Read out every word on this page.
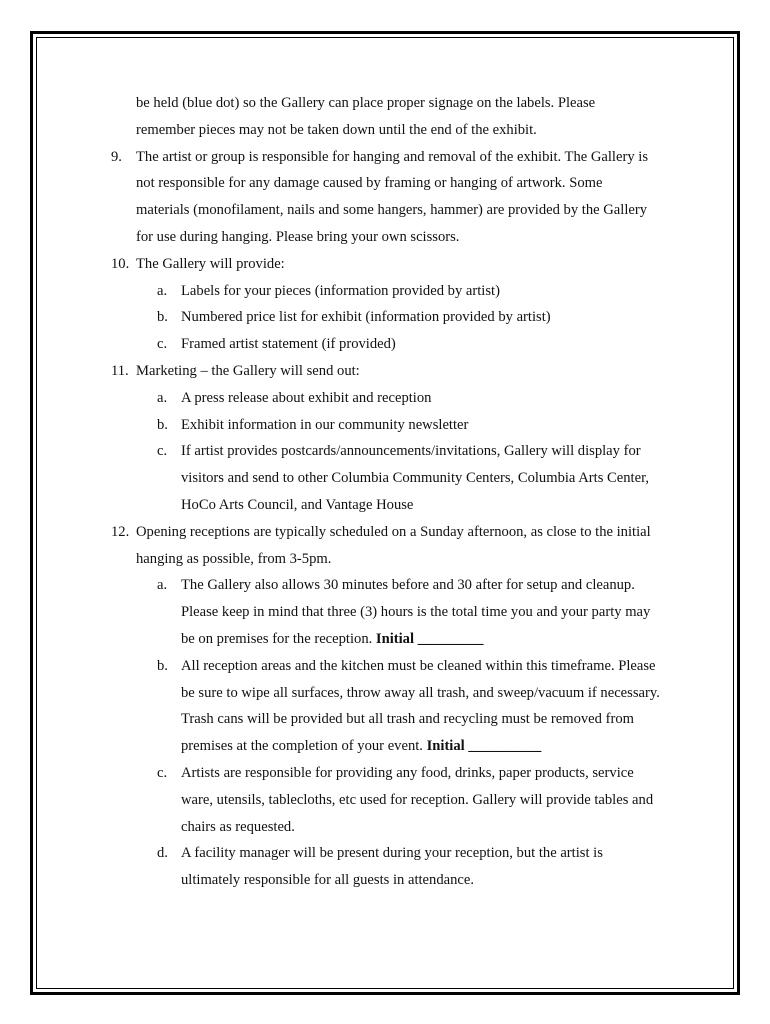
be held (blue dot) so the Gallery can place proper signage on the labels. Please
remember pieces may not be taken down until the end of the exhibit.
9. The artist or group is responsible for hanging and removal of the exhibit. The Gallery is
not responsible for any damage caused by framing or hanging of artwork. Some
materials (monofilament, nails and some hangers, hammer) are provided by the Gallery
for use during hanging. Please bring your own scissors.
10. The Gallery will provide:
a. Labels for your pieces (information provided by artist)
b. Numbered price list for exhibit (information provided by artist)
c. Framed artist statement (if provided)
11. Marketing – the Gallery will send out:
a. A press release about exhibit and reception
b. Exhibit information in our community newsletter
c. If artist provides postcards/announcements/invitations, Gallery will display for
visitors and send to other Columbia Community Centers, Columbia Arts Center,
HoCo Arts Council, and Vantage House
12. Opening receptions are typically scheduled on a Sunday afternoon, as close to the initial
hanging as possible, from 3-5pm.
a. The Gallery also allows 30 minutes before and 30 after for setup and cleanup.
Please keep in mind that three (3) hours is the total time you and your party may
be on premises for the reception. Initial _________
b. All reception areas and the kitchen must be cleaned within this timeframe. Please
be sure to wipe all surfaces, throw away all trash, and sweep/vacuum if necessary.
Trash cans will be provided but all trash and recycling must be removed from
premises at the completion of your event. Initial __________
c. Artists are responsible for providing any food, drinks, paper products, service
ware, utensils, tablecloths, etc used for reception. Gallery will provide tables and
chairs as requested.
d. A facility manager will be present during your reception, but the artist is
ultimately responsible for all guests in attendance.
